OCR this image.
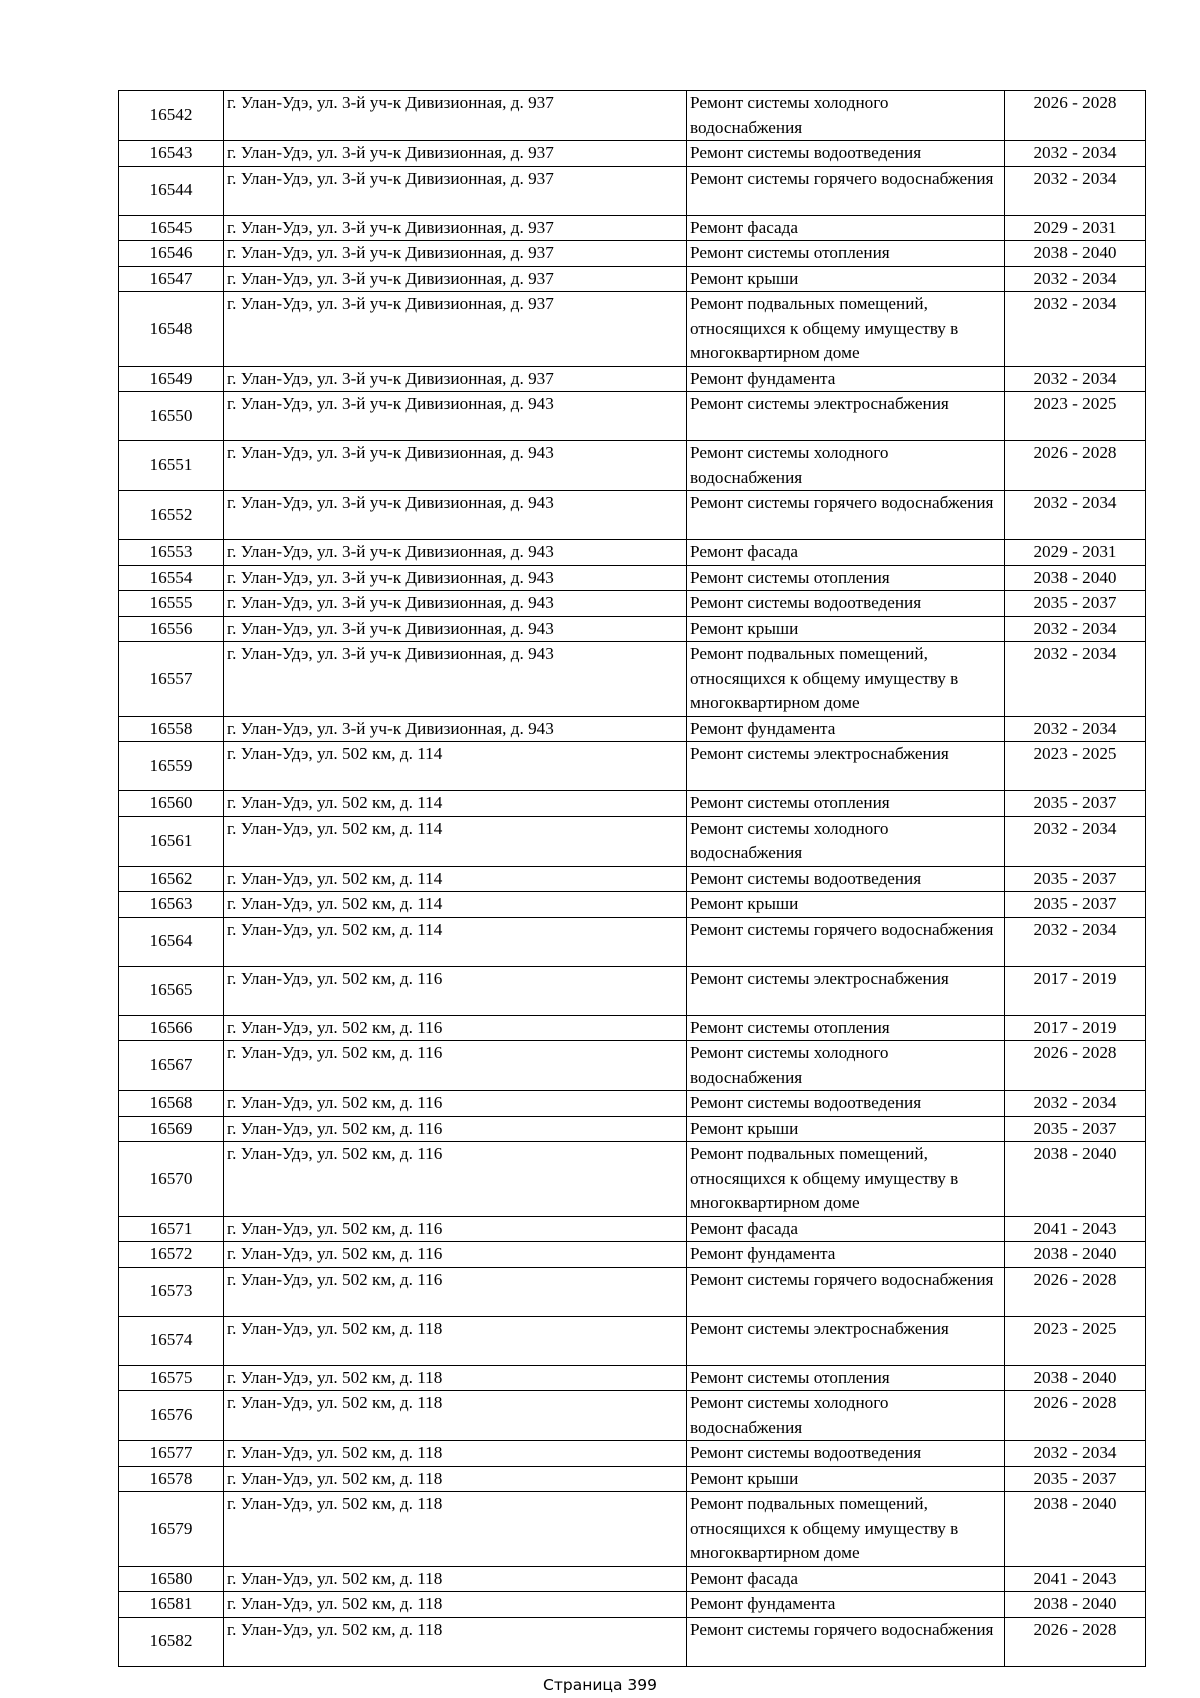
16542	г. Улан-Удэ, ул. 3-й уч-к Дивизионная, д. 937	Ремонт системы холодного водоснабжения	2026 - 2028
16543	г. Улан-Удэ, ул. 3-й уч-к Дивизионная, д. 937	Ремонт системы водоотведения	2032 - 2034
16544	г. Улан-Удэ, ул. 3-й уч-к Дивизионная, д. 937	Ремонт системы горячего водоснабжения	2032 - 2034
16545	г. Улан-Удэ, ул. 3-й уч-к Дивизионная, д. 937	Ремонт фасада	2029 - 2031
16546	г. Улан-Удэ, ул. 3-й уч-к Дивизионная, д. 937	Ремонт системы отопления	2038 - 2040
16547	г. Улан-Удэ, ул. 3-й уч-к Дивизионная, д. 937	Ремонт крыши	2032 - 2034
16548	г. Улан-Удэ, ул. 3-й уч-к Дивизионная, д. 937	Ремонт подвальных помещений, относящихся к общему имуществу в многоквартирном доме	2032 - 2034
16549	г. Улан-Удэ, ул. 3-й уч-к Дивизионная, д. 937	Ремонт фундамента	2032 - 2034
16550	г. Улан-Удэ, ул. 3-й уч-к Дивизионная, д. 943	Ремонт системы электроснабжения	2023 - 2025
16551	г. Улан-Удэ, ул. 3-й уч-к Дивизионная, д. 943	Ремонт системы холодного водоснабжения	2026 - 2028
16552	г. Улан-Удэ, ул. 3-й уч-к Дивизионная, д. 943	Ремонт системы горячего водоснабжения	2032 - 2034
16553	г. Улан-Удэ, ул. 3-й уч-к Дивизионная, д. 943	Ремонт фасада	2029 - 2031
16554	г. Улан-Удэ, ул. 3-й уч-к Дивизионная, д. 943	Ремонт системы отопления	2038 - 2040
16555	г. Улан-Удэ, ул. 3-й уч-к Дивизионная, д. 943	Ремонт системы водоотведения	2035 - 2037
16556	г. Улан-Удэ, ул. 3-й уч-к Дивизионная, д. 943	Ремонт крыши	2032 - 2034
16557	г. Улан-Удэ, ул. 3-й уч-к Дивизионная, д. 943	Ремонт подвальных помещений, относящихся к общему имуществу в многоквартирном доме	2032 - 2034
16558	г. Улан-Удэ, ул. 3-й уч-к Дивизионная, д. 943	Ремонт фундамента	2032 - 2034
16559	г. Улан-Удэ, ул. 502 км, д. 114	Ремонт системы электроснабжения	2023 - 2025
16560	г. Улан-Удэ, ул. 502 км, д. 114	Ремонт системы отопления	2035 - 2037
16561	г. Улан-Удэ, ул. 502 км, д. 114	Ремонт системы холодного водоснабжения	2032 - 2034
16562	г. Улан-Удэ, ул. 502 км, д. 114	Ремонт системы водоотведения	2035 - 2037
16563	г. Улан-Удэ, ул. 502 км, д. 114	Ремонт крыши	2035 - 2037
16564	г. Улан-Удэ, ул. 502 км, д. 114	Ремонт системы горячего водоснабжения	2032 - 2034
16565	г. Улан-Удэ, ул. 502 км, д. 116	Ремонт системы электроснабжения	2017 - 2019
16566	г. Улан-Удэ, ул. 502 км, д. 116	Ремонт системы отопления	2017 - 2019
16567	г. Улан-Удэ, ул. 502 км, д. 116	Ремонт системы холодного водоснабжения	2026 - 2028
16568	г. Улан-Удэ, ул. 502 км, д. 116	Ремонт системы водоотведения	2032 - 2034
16569	г. Улан-Удэ, ул. 502 км, д. 116	Ремонт крыши	2035 - 2037
16570	г. Улан-Удэ, ул. 502 км, д. 116	Ремонт подвальных помещений, относящихся к общему имуществу в многоквартирном доме	2038 - 2040
16571	г. Улан-Удэ, ул. 502 км, д. 116	Ремонт фасада	2041 - 2043
16572	г. Улан-Удэ, ул. 502 км, д. 116	Ремонт фундамента	2038 - 2040
16573	г. Улан-Удэ, ул. 502 км, д. 116	Ремонт системы горячего водоснабжения	2026 - 2028
16574	г. Улан-Удэ, ул. 502 км, д. 118	Ремонт системы электроснабжения	2023 - 2025
16575	г. Улан-Удэ, ул. 502 км, д. 118	Ремонт системы отопления	2038 - 2040
16576	г. Улан-Удэ, ул. 502 км, д. 118	Ремонт системы холодного водоснабжения	2026 - 2028
16577	г. Улан-Удэ, ул. 502 км, д. 118	Ремонт системы водоотведения	2032 - 2034
16578	г. Улан-Удэ, ул. 502 км, д. 118	Ремонт крыши	2035 - 2037
16579	г. Улан-Удэ, ул. 502 км, д. 118	Ремонт подвальных помещений, относящихся к общему имуществу в многоквартирном доме	2038 - 2040
16580	г. Улан-Удэ, ул. 502 км, д. 118	Ремонт фасада	2041 - 2043
16581	г. Улан-Удэ, ул. 502 км, д. 118	Ремонт фундамента	2038 - 2040
16582	г. Улан-Удэ, ул. 502 км, д. 118	Ремонт системы горячего водоснабжения	2026 - 2028
Страница 399
